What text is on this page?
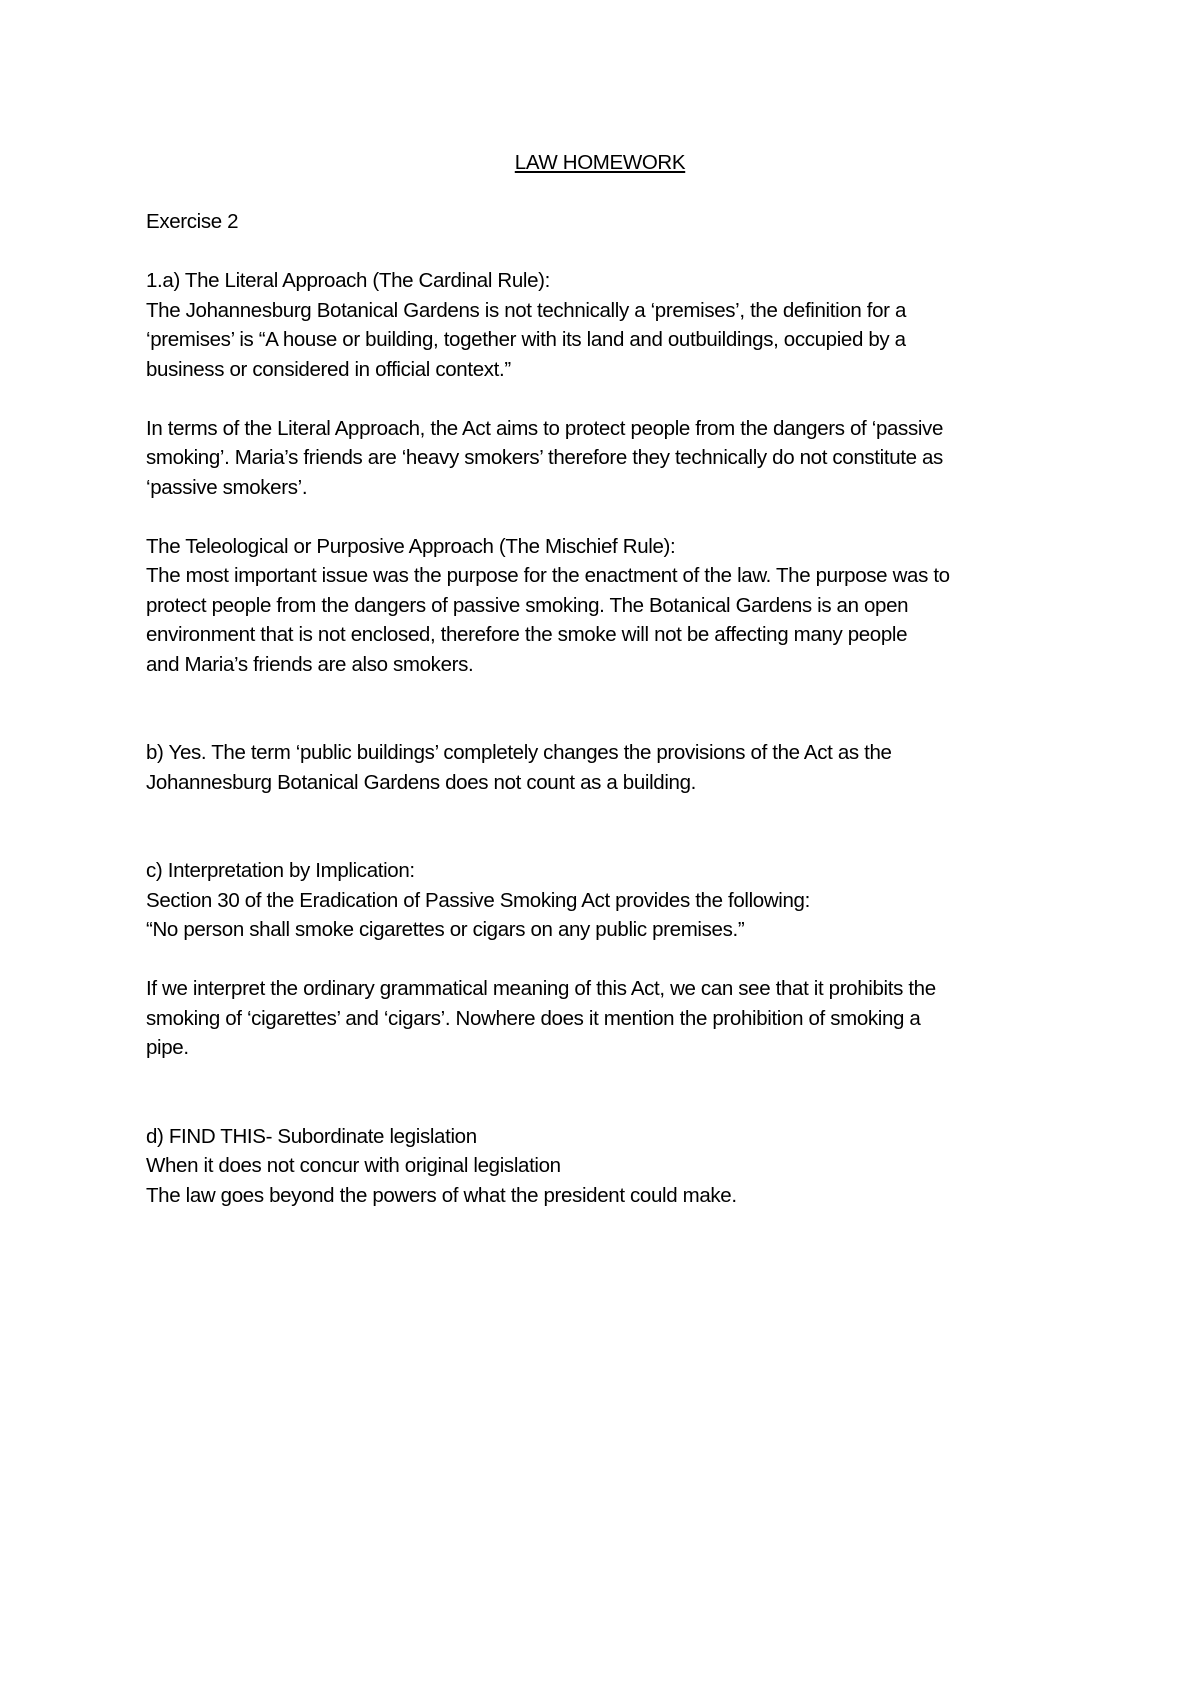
LAW HOMEWORK
Exercise 2
1.a) The Literal Approach (The Cardinal Rule):
The Johannesburg Botanical Gardens is not technically a ‘premises’, the definition for a
‘premises’ is “A house or building, together with its land and outbuildings, occupied by a
business or considered in official context.”
In terms of the Literal Approach, the Act aims to protect people from the dangers of ‘passive
smoking’. Maria’s friends are ‘heavy smokers’ therefore they technically do not constitute as
‘passive smokers’.
The Teleological or Purposive Approach (The Mischief Rule):
The most important issue was the purpose for the enactment of the law. The purpose was to
protect people from the dangers of passive smoking. The Botanical Gardens is an open
environment that is not enclosed, therefore the smoke will not be affecting many people
and Maria’s friends are also smokers.
b) Yes. The term ‘public buildings’ completely changes the provisions of the Act as the
Johannesburg Botanical Gardens does not count as a building.
c) Interpretation by Implication:
Section 30 of the Eradication of Passive Smoking Act provides the following:
“No person shall smoke cigarettes or cigars on any public premises.”
If we interpret the ordinary grammatical meaning of this Act, we can see that it prohibits the
smoking of ‘cigarettes’ and ‘cigars’. Nowhere does it mention the prohibition of smoking a
pipe.
d) FIND THIS- Subordinate legislation
When it does not concur with original legislation
The law goes beyond the powers of what the president could make.
